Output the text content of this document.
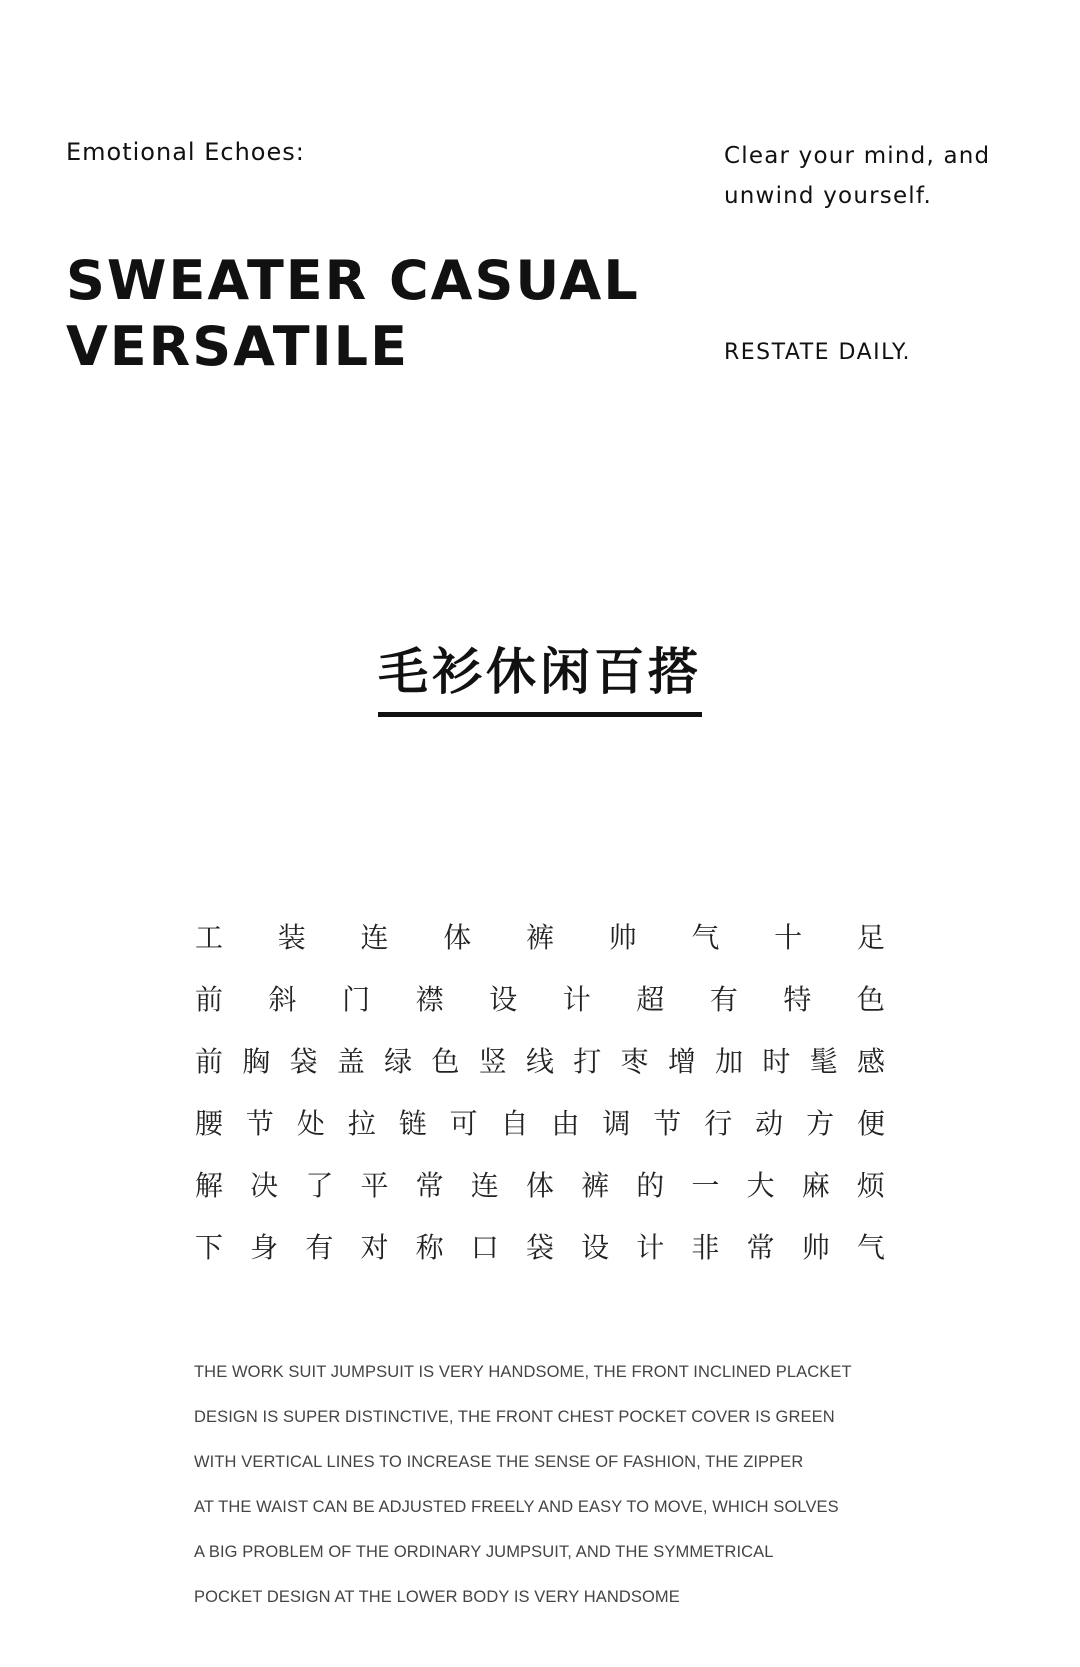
Emotional Echoes:
SWEATER CASUAL
VERSATILE
Clear your mind, and
unwind yourself.
RESTATE DAILY.
毛衫休闲百搭
工 装 连 体 裤 帅 气 十 足
前 斜 门 襟 设 计 超 有 特 色
前 胸 袋 盖 绿 色 竖 线 打 枣 增 加 时 髦 感
腰 节 处 拉 链 可 自 由 调 节 行 动 方 便
解 决 了 平 常 连 体 裤 的 一 大 麻 烦
下 身 有 对 称 口 袋 设 计 非 常 帅 气
THE WORK SUIT JUMPSUIT IS VERY HANDSOME, THE FRONT INCLINED PLACKET
DESIGN IS SUPER DISTINCTIVE, THE FRONT CHEST POCKET COVER IS GREEN
WITH VERTICAL LINES TO INCREASE THE SENSE OF FASHION, THE ZIPPER
AT THE WAIST CAN BE ADJUSTED FREELY AND EASY TO MOVE, WHICH SOLVES
A BIG PROBLEM OF THE ORDINARY JUMPSUIT, AND THE SYMMETRICAL
POCKET DESIGN AT THE LOWER BODY IS VERY HANDSOME
